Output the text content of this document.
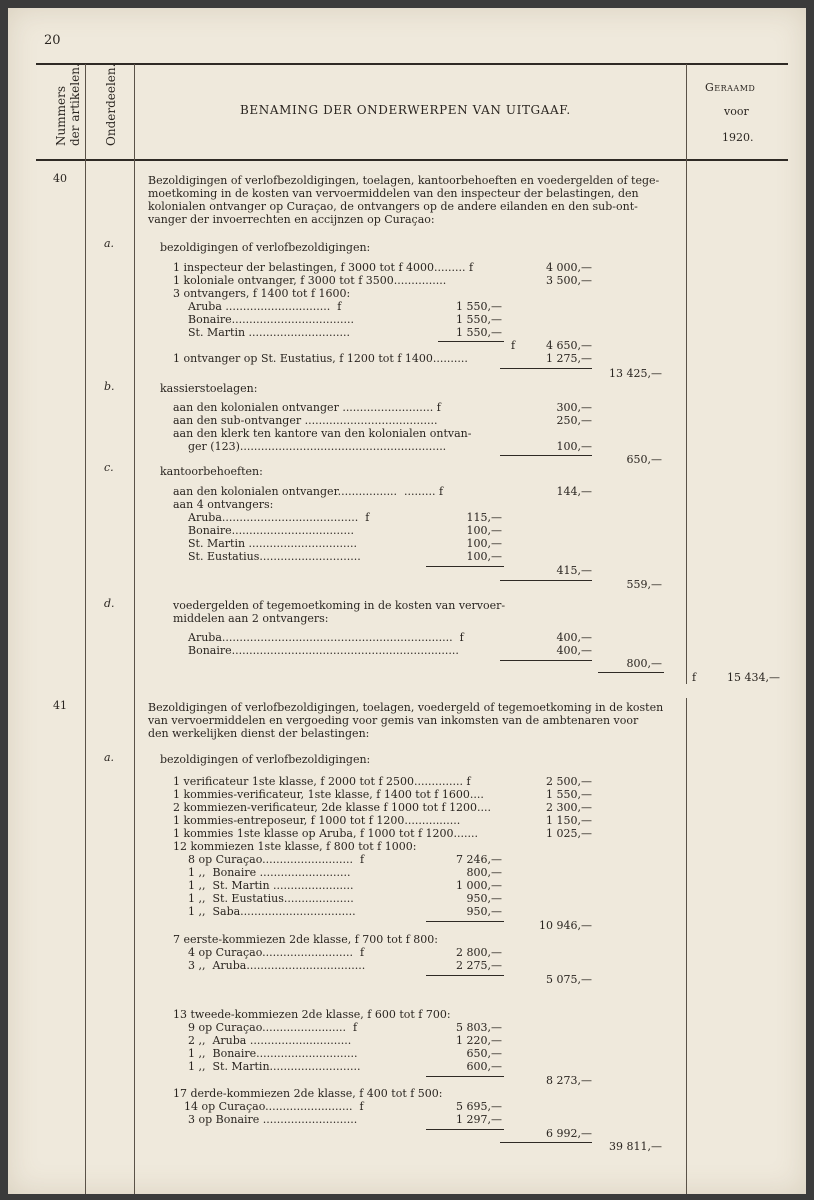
20
Nummers der artikelen. Onderdeelen.	BENAMING DER ONDERWERPEN VAN UITGAAF.
Geraamd
voor
1920.
40	Bezoldigingen of verlofbezoldigingen, toelagen, kantoorbehoeften en voedergelden of tege-
moetkoming in de kosten van vervoermiddelen van den inspecteur der belastingen, den
kolonialen ontvanger op Curaçao, de ontvangers op de andere eilanden en den sub-ont-
vanger der invoerrechten en accijnzen op Curaçao:
a.	bezoldigingen of verlofbezoldigingen:
1 inspecteur der belastingen, f 3000 tot f 4000......... f	4 000,—
1 koloniale ontvanger, f 3000 tot f 3500...............	3 500,—
3 ontvangers, f 1400 tot f 1600:
Aruba ..............................  f	1 550,—
Bonaire...................................	1 550,—
St. Martin .............................	1 550,—
f	4 650,—
1 ontvanger op St. Eustatius, f 1200 tot f 1400..........	1 275,—
13 425,—
b.	kassierstoelagen:
aan den kolonialen ontvanger .......................... f	300,—
aan den sub-ontvanger ......................................	250,—
aan den klerk ten kantore van den kolonialen ontvan-
ger (123)...........................................................	100,—
650,—
c.	kantoorbehoeften:
aan den kolonialen ontvanger.................  ......... f	144,—
aan 4 ontvangers:
Aruba.......................................  f	115,—
Bonaire...................................	100,—
St. Martin ...............................	100,—
St. Eustatius.............................	100,—
415,—
559,—
d.	voedergelden of tegemoetkoming in de kosten van vervoer-
middelen aan 2 ontvangers:
Aruba..................................................................  f	400,—
Bonaire.................................................................	400,—
800,—
f	15 434,—
41	Bezoldigingen of verlofbezoldigingen, toelagen, voedergeld of tegemoetkoming in de kosten
van vervoermiddelen en vergoeding voor gemis van inkomsten van de ambtenaren voor
den werkelijken dienst der belastingen:
a.	bezoldigingen of verlofbezoldigingen:
1 verificateur 1ste klasse, f 2000 tot f 2500.............. f	2 500,—
1 kommies-verificateur, 1ste klasse, f 1400 tot f 1600....	1 550,—
2 kommiezen-verificateur, 2de klasse f 1000 tot f 1200....	2 300,—
1 kommies-entreposeur, f 1000 tot f 1200................	1 150,—
1 kommies 1ste klasse op Aruba, f 1000 tot f 1200.......	1 025,—
12 kommiezen 1ste klasse, f 800 tot f 1000:
8 op Curaçao..........................  f	7 246,—
1 ,,  Bonaire ..........................	800,—
1 ,,  St. Martin .......................	1 000,—
1 ,,  St. Eustatius....................	950,—
1 ,,  Saba.................................	950,—
10 946,—
7 eerste-kommiezen 2de klasse, f 700 tot f 800:
4 op Curaçao..........................  f	2 800,—
3 ,,  Aruba..................................	2 275,—
5 075,—
13 tweede-kommiezen 2de klasse, f 600 tot f 700:
9 op Curaçao........................  f	5 803,—
2 ,,  Aruba .............................	1 220,—
1 ,,  Bonaire.............................	650,—
1 ,,  St. Martin..........................	600,—
8 273,—
17 derde-kommiezen 2de klasse, f 400 tot f 500:
14 op Curaçao.........................  f	5 695,—
3 op Bonaire ...........................	1 297,—
6 992,—
39 811,—
